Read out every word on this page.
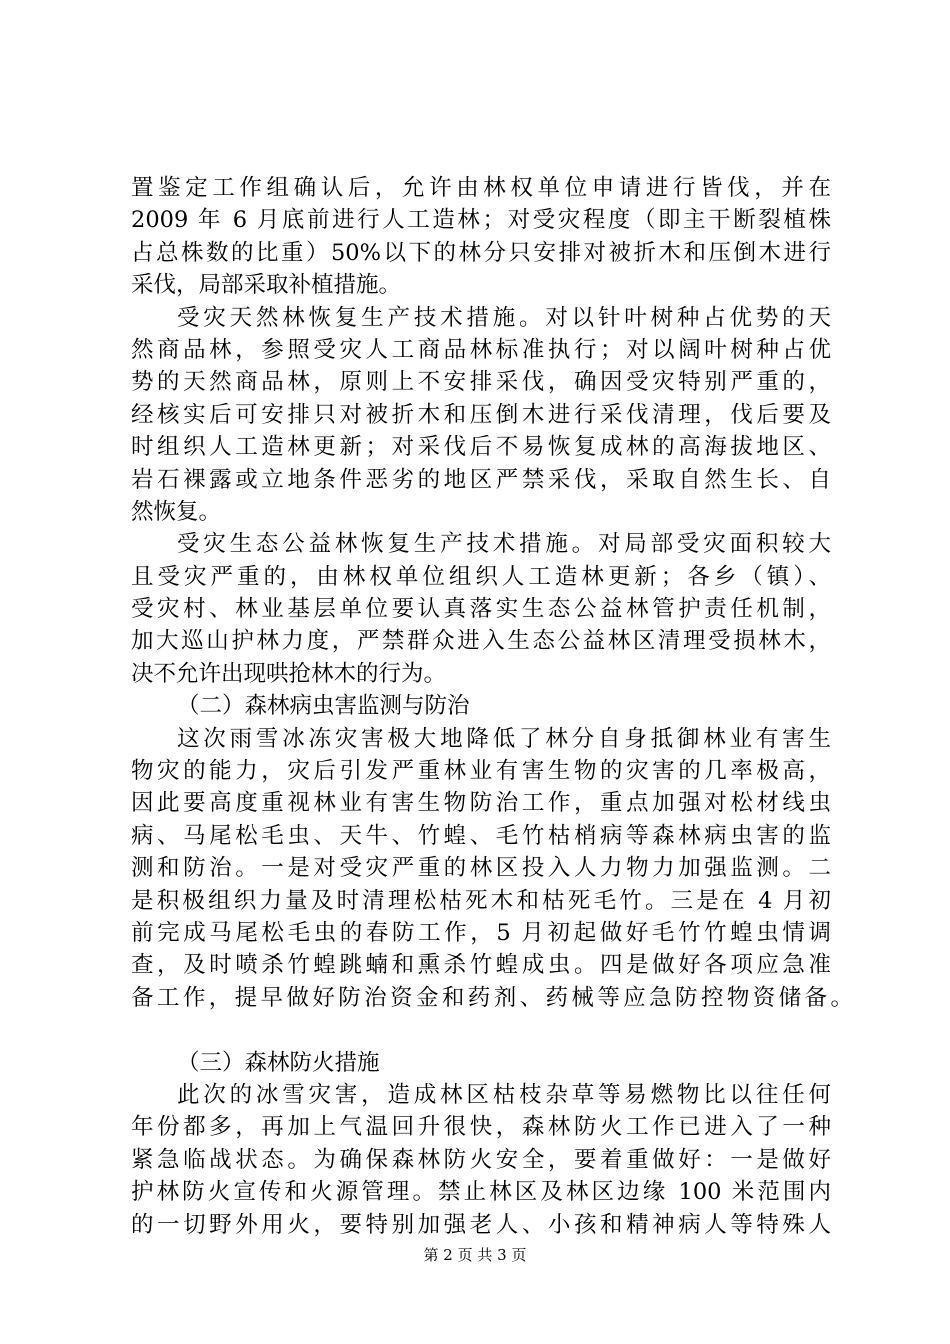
置鉴定工作组确认后，允许由林权单位申请进行皆伐，并在
2009 年 6 月底前进行人工造林；对受灾程度（即主干断裂植株
占总株数的比重）50%以下的林分只安排对被折木和压倒木进行
采伐，局部采取补植措施。
受灾天然林恢复生产技术措施。对以针叶树种占优势的天
然商品林，参照受灾人工商品林标准执行；对以阔叶树种占优
势的天然商品林，原则上不安排采伐，确因受灾特别严重的，
经核实后可安排只对被折木和压倒木进行采伐清理，伐后要及
时组织人工造林更新；对采伐后不易恢复成林的高海拔地区、
岩石裸露或立地条件恶劣的地区严禁采伐，采取自然生长、自
然恢复。
受灾生态公益林恢复生产技术措施。对局部受灾面积较大
且受灾严重的，由林权单位组织人工造林更新；各乡（镇）、
受灾村、林业基层单位要认真落实生态公益林管护责任机制，
加大巡山护林力度，严禁群众进入生态公益林区清理受损林木，
决不允许出现哄抢林木的行为。
（二）森林病虫害监测与防治
这次雨雪冰冻灾害极大地降低了林分自身抵御林业有害生
物灾的能力，灾后引发严重林业有害生物的灾害的几率极高，
因此要高度重视林业有害生物防治工作，重点加强对松材线虫
病、马尾松毛虫、天牛、竹蝗、毛竹枯梢病等森林病虫害的监
测和防治。一是对受灾严重的林区投入人力物力加强监测。二
是积极组织力量及时清理松枯死木和枯死毛竹。三是在 4 月初
前完成马尾松毛虫的春防工作，5 月初起做好毛竹竹蝗虫情调
查，及时喷杀竹蝗跳蝻和熏杀竹蝗成虫。四是做好各项应急准
备工作，提早做好防治资金和药剂、药械等应急防控物资储备。
（三）森林防火措施
此次的冰雪灾害，造成林区枯枝杂草等易燃物比以往任何
年份都多，再加上气温回升很快，森林防火工作已进入了一种
紧急临战状态。为确保森林防火安全，要着重做好：一是做好
护林防火宣传和火源管理。禁止林区及林区边缘 100 米范围内
的一切野外用火，要特别加强老人、小孩和精神病人等特殊人
第 2 页 共 3 页
